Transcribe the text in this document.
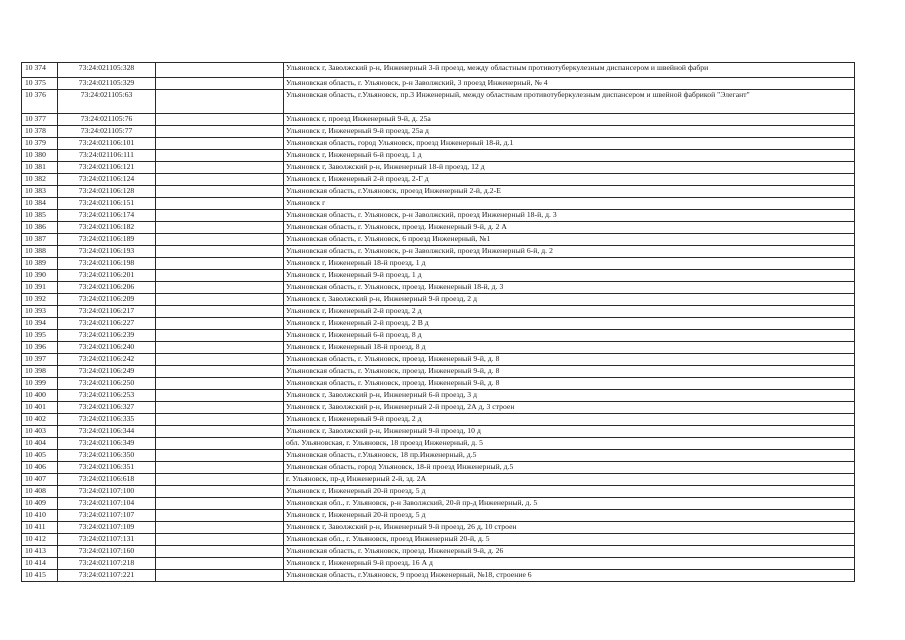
10 374	73:24:021105:328		Ульяновск г, Заволжский р-н, Инженерный 3-й проезд, между областным противотуберкулезным диспансером и швейной фабри
10 375	73:24:021105:329		Ульяновская область, г. Ульяновск, р-н Заволжский, 3 проезд Инженерный, № 4
10 376	73:24:021105:63		Ульяновская область, г.Ульяновск, пр.3 Инженерный, между областным противотуберкулезным диспансером и швейной фабрикой "Элегант"
10 377	73:24:021105:76		Ульяновск г, проезд Инженерный 9-й, д. 25а
10 378	73:24:021105:77		Ульяновск г, Инженерный 9-й проезд, 25а д
10 379	73:24:021106:101		Ульяновская область, город Ульяновск, проезд Инженерный 18-й, д.1
10 380	73:24:021106:111		Ульяновск г, Инженерный 6-й проезд, 1 д
10 381	73:24:021106:121		Ульяновск г, Заволжский р-н, Инженерный 18-й проезд, 12 д
10 382	73:24:021106:124		Ульяновск г, Инженерный 2-й проезд, 2-Г д
10 383	73:24:021106:128		Ульяновская область, г.Ульяновск, проезд Инженерный 2-й, д.2-Е
10 384	73:24:021106:151		Ульяновск г
10 385	73:24:021106:174		Ульяновская область, г. Ульяновск, р-н Заволжский, проезд Инженерный 18-й, д. 3
10 386	73:24:021106:182		Ульяновская область, г. Ульяновск, проезд. Инженерный 9-й, д. 2 А
10 387	73:24:021106:189		Ульяновская область, г. Ульяновск, 6 проезд Инженерный, №1
10 388	73:24:021106:193		Ульяновская область, г. Ульяновск, р-н Заволжский, проезд Инженерный 6-й, д. 2
10 389	73:24:021106:198		Ульяновск г, Инженерный 18-й проезд, 1 д
10 390	73:24:021106:201		Ульяновск г, Инженерный 9-й проезд, 1 д
10 391	73:24:021106:206		Ульяновская область, г. Ульяновск, проезд. Инженерный 18-й, д. 3
10 392	73:24:021106:209		Ульяновск г, Заволжский р-н, Инженерный 9-й проезд, 2 д
10 393	73:24:021106:217		Ульяновск г, Инженерный 2-й проезд, 2 д
10 394	73:24:021106:227		Ульяновск г, Инженерный 2-й проезд, 2 В д
10 395	73:24:021106:239		Ульяновск г, Инженерный 6-й проезд, 8 д
10 396	73:24:021106:240		Ульяновск г, Инженерный 18-й проезд, 8 д
10 397	73:24:021106:242		Ульяновская область, г. Ульяновск, проезд. Инженерный 9-й, д. 8
10 398	73:24:021106:249		Ульяновская область, г. Ульяновск, проезд. Инженерный 9-й, д. 8
10 399	73:24:021106:250		Ульяновская область, г. Ульяновск, проезд. Инженерный 9-й, д. 8
10 400	73:24:021106:253		Ульяновск г, Заволжский р-н, Инженерный 6-й проезд, 3 д
10 401	73:24:021106:327		Ульяновск г, Заволжский р-н, Инженерный 2-й проезд, 2А д, 3 строен
10 402	73:24:021106:335		Ульяновск г, Инженерный 9-й проезд, 2 д
10 403	73:24:021106:344		Ульяновск г, Заволжский р-н, Инженерный 9-й проезд, 10 д
10 404	73:24:021106:349		обл. Ульяновская, г. Ульяновск, 18 проезд Инженерный, д. 5
10 405	73:24:021106:350		Ульяновская область, г.Ульяновск, 18 пр.Инженерный, д.5
10 406	73:24:021106:351		Ульяновская область, город Ульяновск, 18-й проезд Инженерный, д.5
10 407	73:24:021106:618		г. Ульяновск, пр-д Инженерный 2-й, зд. 2А
10 408	73:24:021107:100		Ульяновск г, Инженерный 20-й проезд, 5 д
10 409	73:24:021107:104		Ульяновская обл., г. Ульяновск, р-н Заволжский, 20-й пр-д Инженерный, д. 5
10 410	73:24:021107:107		Ульяновск г, Инженерный 20-й проезд, 5 д
10 411	73:24:021107:109		Ульяновск г, Заволжский р-н, Инженерный 9-й проезд, 26 д, 10 строен
10 412	73:24:021107:131		Ульяновская обл., г. Ульяновск, проезд Инженерный 20-й, д. 5
10 413	73:24:021107:160		Ульяновская область, г. Ульяновск, проезд. Инженерный 9-й, д. 26
10 414	73:24:021107:218		Ульяновск г, Инженерный 9-й проезд, 16 А д
10 415	73:24:021107:221		Ульяновская область, г.Ульяновск, 9 проезд Инженерный, №18, строение 6
